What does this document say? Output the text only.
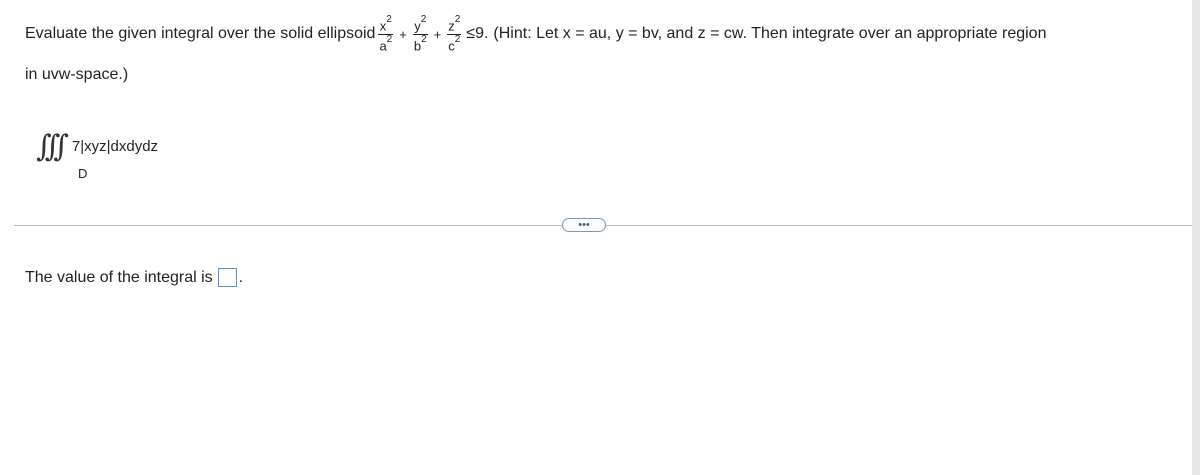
Evaluate the given integral over the solid ellipsoid $\frac{x^2}{a^2} + \frac{y^2}{b^2} + \frac{z^2}{c^2} \le 9$. (Hint: Let x = au, y = bv, and z = cw. Then integrate over an appropriate region
in uvw-space.)
∫∫∫
D
7|xyz|dxdydz
•••
The value of the integral is .
